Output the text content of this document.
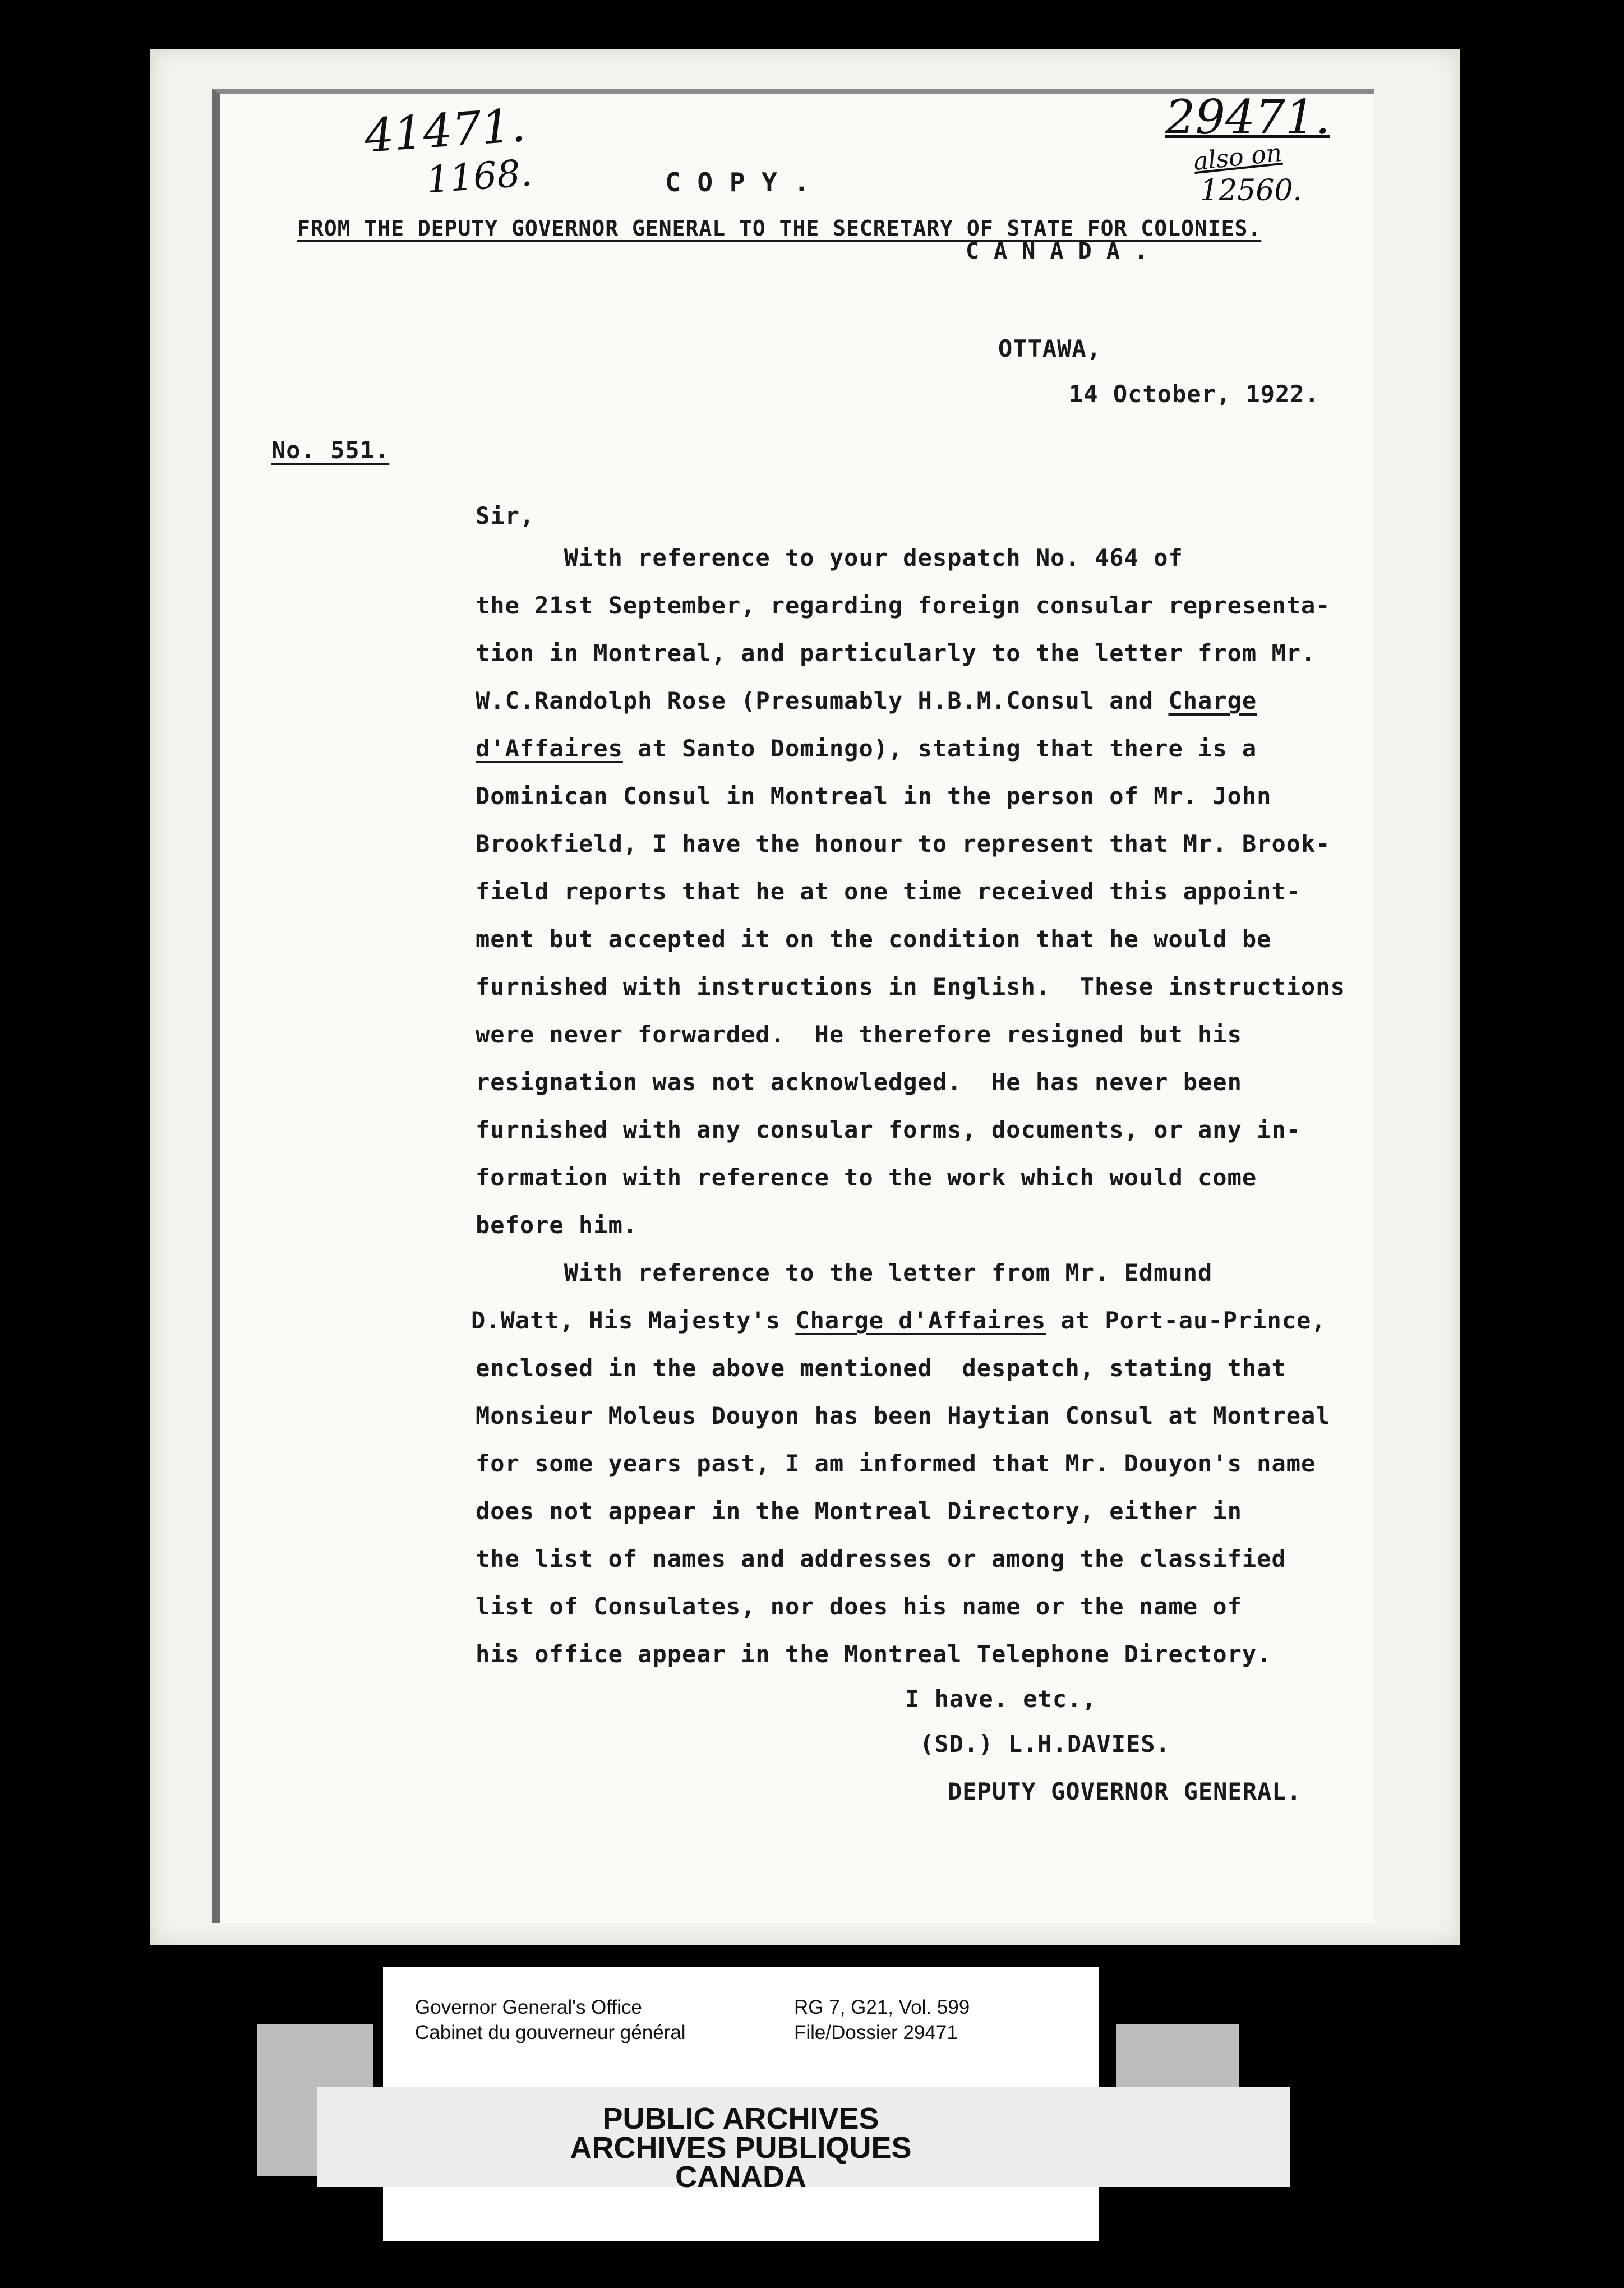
41471.
1168.
29471.
also on
12560.
C O P Y .
FROM THE DEPUTY GOVERNOR GENERAL TO THE SECRETARY OF STATE FOR COLONIES.
C A N A D A .
OTTAWA,
14 October, 1922.
No. 551.
Sir,
With reference to your despatch No. 464 of
the 21st September, regarding foreign consular representa-
tion in Montreal, and particularly to the letter from Mr.
W.C.Randolph Rose (Presumably H.B.M.Consul and Charge
d'Affaires at Santo Domingo), stating that there is a
Dominican Consul in Montreal in the person of Mr. John
Brookfield, I have the honour to represent that Mr. Brook-
field reports that he at one time received this appoint-
ment but accepted it on the condition that he would be
furnished with instructions in English.  These instructions
were never forwarded.  He therefore resigned but his
resignation was not acknowledged.  He has never been
furnished with any consular forms, documents, or any in-
formation with reference to the work which would come
before him.
With reference to the letter from Mr. Edmund
D.Watt, His Majesty's Charge d'Affaires at Port-au-Prince,
enclosed in the above mentioned  despatch, stating that
Monsieur Moleus Douyon has been Haytian Consul at Montreal
for some years past, I am informed that Mr. Douyon's name
does not appear in the Montreal Directory, either in
the list of names and addresses or among the classified
list of Consulates, nor does his name or the name of
his office appear in the Montreal Telephone Directory.
I have. etc.,
(SD.) L.H.DAVIES.
DEPUTY GOVERNOR GENERAL.
Governor General's Office
Cabinet du gouverneur général
RG 7, G21, Vol. 599
File/Dossier 29471
PUBLIC ARCHIVES
ARCHIVES PUBLIQUES
CANADA
